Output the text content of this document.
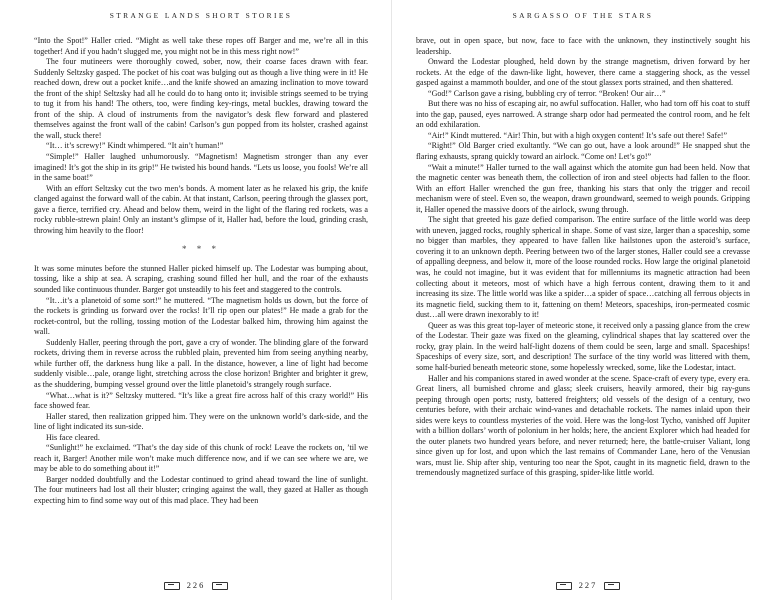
STRANGE LANDS SHORT STORIES

“Into the Spot!” Haller cried. “Might as well take these ropes off Barger and me, we’re all in this together! And if you hadn’t slugged me, you might not be in this mess right now!”

The four mutineers were thoroughly cowed, sober, now, their coarse faces drawn with fear. Suddenly Seltzsky gasped. The pocket of his coat was bulging out as though a live thing were in it! He reached down, drew out a pocket knife…and the knife showed an amazing inclination to move toward the front of the ship! Seltzsky had all he could do to hang onto it; invisible strings seemed to be trying to tug it from his hand! The others, too, were finding key-rings, metal buckles, drawing toward the front of the ship. A cloud of instruments from the navigator’s desk flew forward and plastered themselves against the front wall of the cabin! Carlson’s gun popped from its holster, crashed against the wall, stuck there!

“It… it’s screwy!” Kindt whimpered. “It ain’t human!”

“Simple!” Haller laughed unhumorously. “Magnetism! Magnetism stronger than any ever imagined! It’s got the ship in its grip!” He twisted his bound hands. “Lets us loose, you fools! We’re all in the same boat!”

With an effort Seltzsky cut the two men’s bonds. A moment later as he relaxed his grip, the knife clanged against the forward wall of the cabin. At that instant, Carlson, peering through the glassex port, gave a fierce, terrified cry. Ahead and below them, weird in the light of the flaring red rockets, was a rocky rubble-strewn plain! Only an instant’s glimpse of it, Haller had, before the loud, grinding crash, throwing him heavily to the floor!

* * *

It was some minutes before the stunned Haller picked himself up. The Lodestar was bumping about, tossing, like a ship at sea. A scraping, crashing sound filled her hull, and the roar of the exhausts sounded like continuous thunder. Barger got unsteadily to his feet and staggered to the controls.

“It…it’s a planetoid of some sort!” he muttered. “The magnetism holds us down, but the force of the rockets is grinding us forward over the rocks! It’ll rip open our plates!” He made a grab for the rocket-control, but the rolling, tossing motion of the Lodestar balked him, throwing him against the wall.

Suddenly Haller, peering through the port, gave a cry of wonder. The blinding glare of the forward rockets, driving them in reverse across the rubbled plain, prevented him from seeing anything nearby, while further off, the darkness hung like a pall. In the distance, however, a line of light had become suddenly visible…pale, orange light, stretching across the close horizon! Brighter and brighter it grew, as the shuddering, bumping vessel ground over the little planetoid’s strangely rough surface.

“What…what is it?” Seltzsky muttered. “It’s like a great fire across half of this crazy world!” His face showed fear.

Haller stared, then realization gripped him. They were on the unknown world’s dark-side, and the line of light indicated its sun-side.

His face cleared.

“Sunlight!” he exclaimed. “That’s the day side of this chunk of rock! Leave the rockets on, ’til we reach it, Barger! Another mile won’t make much difference now, and if we can see where we are, we may be able to do something about it!”

Barger nodded doubtfully and the Lodestar continued to grind ahead toward the line of sunlight. The four mutineers had lost all their bluster; cringing against the wall, they gazed at Haller as though expecting him to find some way out of this mad place. They had been

226
SARGASSO OF THE STARS

brave, out in open space, but now, face to face with the unknown, they instinctively sought his leadership.

Onward the Lodestar ploughed, held down by the strange magnetism, driven forward by her rockets. At the edge of the dawn-like light, however, there came a staggering shock, as the vessel gasped against a mammoth boulder, and one of the stout glassex ports strained, and then shattered.

“God!” Carlson gave a rising, bubbling cry of terror. “Broken! Our air…”

But there was no hiss of escaping air, no awful suffocation. Haller, who had torn off his coat to stuff into the gap, paused, eyes narrowed. A strange sharp odor had permeated the control room, and he felt an odd exhilaration.

“Air!” Kindt muttered. “Air! Thin, but with a high oxygen content! It’s safe out there! Safe!”

“Right!” Old Barger cried exultantly. “We can go out, have a look around!” He snapped shut the flaring exhausts, sprang quickly toward an airlock. “Come on! Let’s go!”

“Wait a minute!” Haller turned to the wall against which the atomite gun had been held. Now that the magnetic center was beneath them, the collection of iron and steel objects had fallen to the floor. With an effort Haller wrenched the gun free, thanking his stars that only the trigger and recoil mechanism were of steel. Even so, the weapon, drawn groundward, seemed to weigh pounds. Gripping it, Haller opened the massive doors of the airlock, swung through.

The sight that greeted his gaze defied comparison. The entire surface of the little world was deep with uneven, jagged rocks, roughly spherical in shape. Some of vast size, larger than a spaceship, some no bigger than marbles, they appeared to have fallen like hailstones upon the asteroid’s surface, covering it to an unknown depth. Peering between two of the larger stones, Haller could see a crevasse of appalling deepness, and below it, more of the loose rounded rocks. How large the original planetoid was, he could not imagine, but it was evident that for millenniums its magnetic attraction had been collecting about it meteors, most of which have a high ferrous content, drawing them to it and increasing its size. The little world was like a spider…a spider of space…catching all ferrous objects in its magnetic field, sucking them to it, fattening on them! Meteors, spaceships, iron-permeated cosmic dust…all were drawn inexorably to it!

Queer as was this great top-layer of meteoric stone, it received only a passing glance from the crew of the Lodestar. Their gaze was fixed on the gleaming, cylindrical shapes that lay scattered over the rocky, gray plain. In the weird half-light dozens of them could be seen, large and small. Spaceships! Spaceships of every size, sort, and description! The surface of the tiny world was littered with them, some half-buried beneath meteoric stone, some hopelessly wrecked, some, like the Lodestar, intact.

Haller and his companions stared in awed wonder at the scene. Space-craft of every type, every era. Great liners, all burnished chrome and glass; sleek cruisers, heavily armored, their big ray-guns peeping through open ports; rusty, battered freighters; old vessels of the design of a century, two centuries before, with their archaic wind-vanes and detachable rockets. The names inlaid upon their sides were keys to countless mysteries of the void. Here was the long-lost Tycho, vanished off Jupiter with a billion dollars’ worth of polonium in her holds; here, the ancient Explorer which had headed for the outer planets two hundred years before, and never returned; here, the battle-cruiser Valiant, long since given up for lost, and upon which the last remains of Commander Lane, hero of the Venusian wars, must lie. Ship after ship, venturing too near the Spot, caught in its magnetic field, drawn to the tremendously magnetized surface of this grasping, spider-like little world.

227
